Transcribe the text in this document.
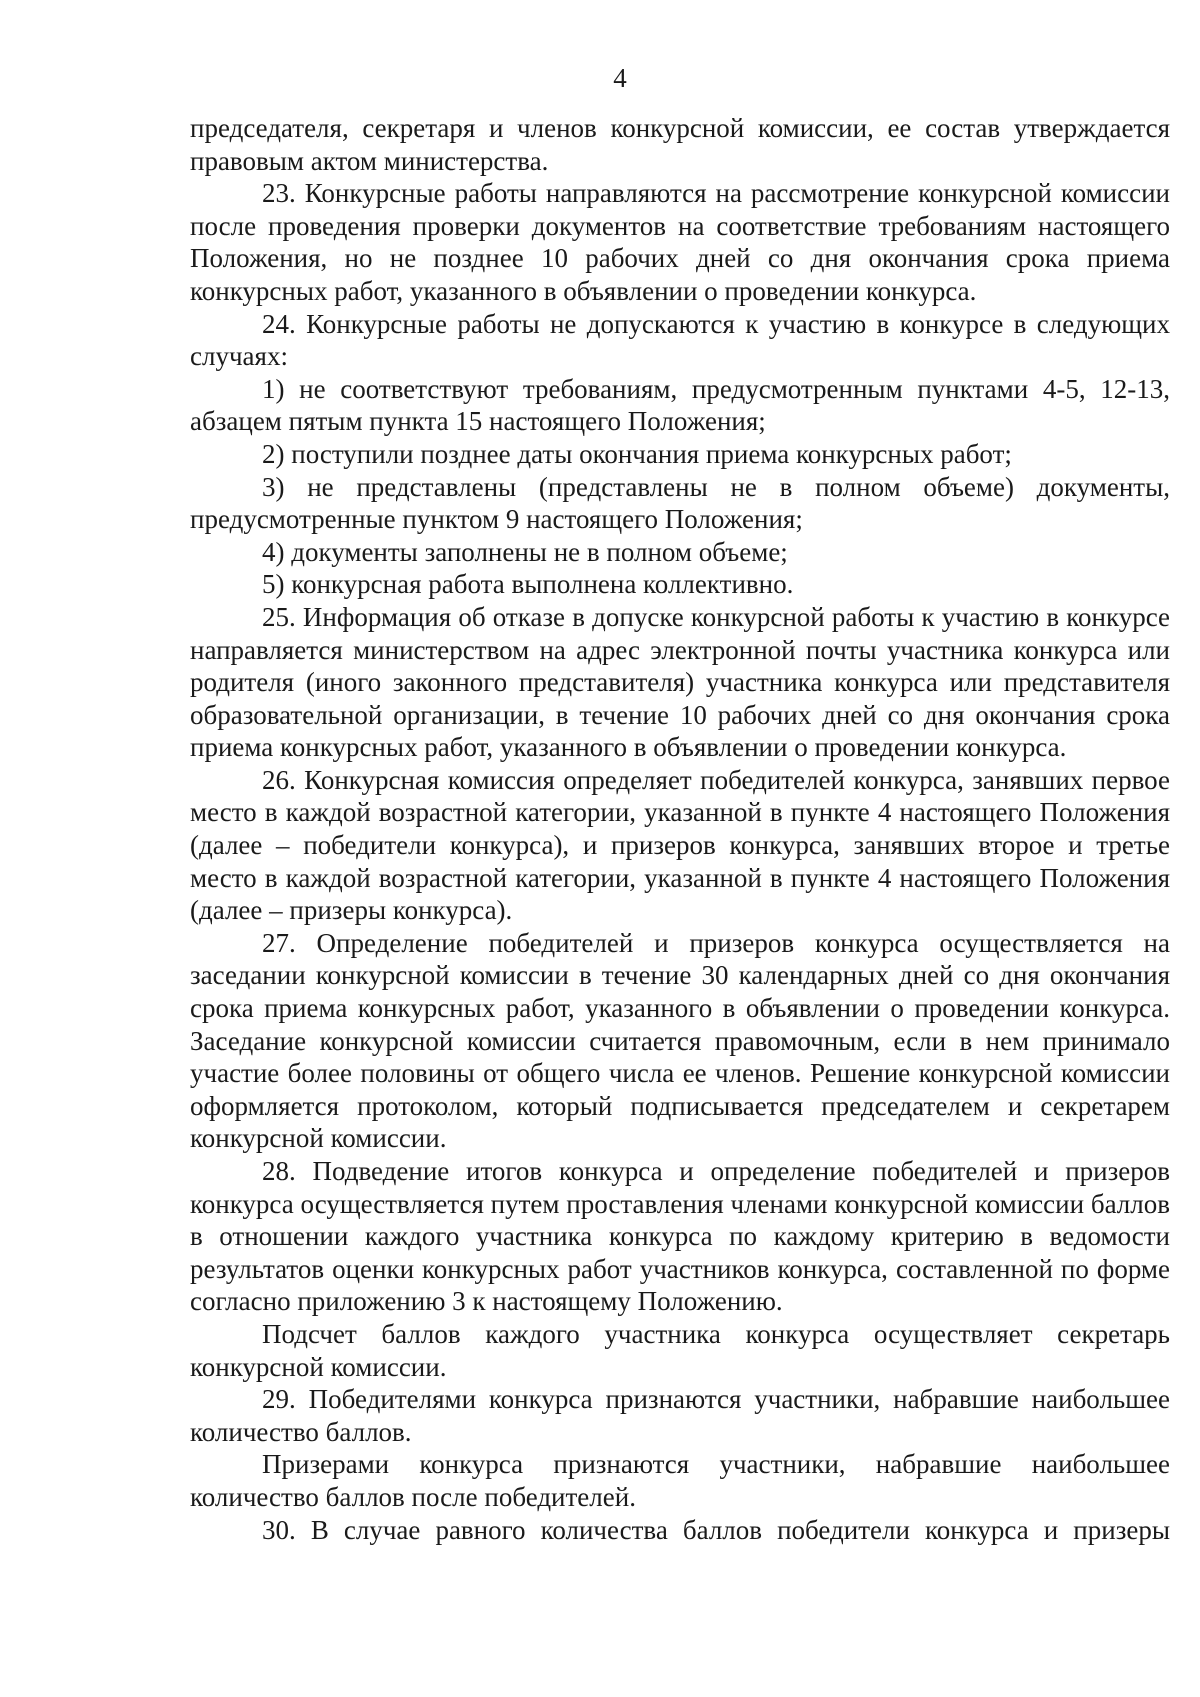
4

председателя, секретаря и членов конкурсной комиссии, ее состав утверждается правовым актом министерства.

23. Конкурсные работы направляются на рассмотрение конкурсной комиссии после проведения проверки документов на соответствие требованиям настоящего Положения, но не позднее 10 рабочих дней со дня окончания срока приема конкурсных работ, указанного в объявлении о проведении конкурса.

24. Конкурсные работы не допускаются к участию в конкурсе в следующих случаях:

1) не соответствуют требованиям, предусмотренным пунктами 4-5, 12-13, абзацем пятым пункта 15 настоящего Положения;

2) поступили позднее даты окончания приема конкурсных работ;

3) не представлены (представлены не в полном объеме) документы, предусмотренные пунктом 9 настоящего Положения;

4) документы заполнены не в полном объеме;

5) конкурсная работа выполнена коллективно.

25. Информация об отказе в допуске конкурсной работы к участию в конкурсе направляется министерством на адрес электронной почты участника конкурса или родителя (иного законного представителя) участника конкурса или представителя образовательной организации, в течение 10 рабочих дней со дня окончания срока приема конкурсных работ, указанного в объявлении о проведении конкурса.

26. Конкурсная комиссия определяет победителей конкурса, занявших первое место в каждой возрастной категории, указанной в пункте 4 настоящего Положения (далее – победители конкурса), и призеров конкурса, занявших второе и третье место в каждой возрастной категории, указанной в пункте 4 настоящего Положения (далее – призеры конкурса).

27. Определение победителей и призеров конкурса осуществляется на заседании конкурсной комиссии в течение 30 календарных дней со дня окончания срока приема конкурсных работ, указанного в объявлении о проведении конкурса. Заседание конкурсной комиссии считается правомочным, если в нем принимало участие более половины от общего числа ее членов. Решение конкурсной комиссии оформляется протоколом, который подписывается председателем и секретарем конкурсной комиссии.

28. Подведение итогов конкурса и определение победителей и призеров конкурса осуществляется путем проставления членами конкурсной комиссии баллов в отношении каждого участника конкурса по каждому критерию в ведомости результатов оценки конкурсных работ участников конкурса, составленной по форме согласно приложению 3 к настоящему Положению.

Подсчет баллов каждого участника конкурса осуществляет секретарь конкурсной комиссии.

29. Победителями конкурса признаются участники, набравшие наибольшее количество баллов.

Призерами конкурса признаются участники, набравшие наибольшее количество баллов после победителей.

30. В случае равного количества баллов победители конкурса и призеры
